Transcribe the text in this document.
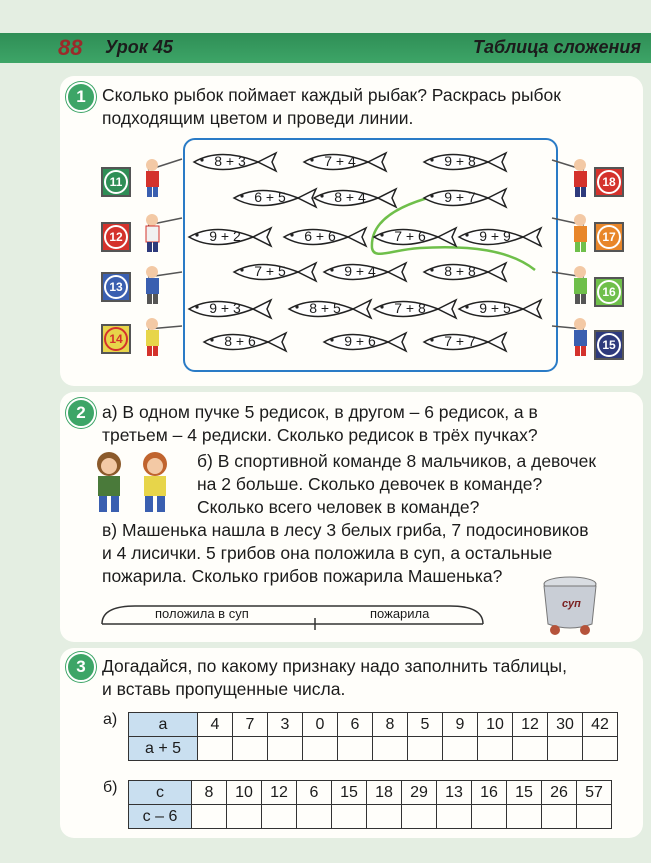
88 Урок 45	Таблица сложения
1 Сколько рыбок поймает каждый рыбак? Раскрась рыбок
подходящим цветом и проведи линии.
8 + 3	7 + 4	9 + 8
6 + 5	8 + 4	9 + 7
9 + 2	6 + 6	7 + 6	9 + 9
7 + 5	9 + 4	8 + 8
9 + 3	8 + 5	7 + 8	9 + 5
8 + 6	9 + 6	7 + 7
11
12
13
14
18
17
16
15
2 а) В одном пучке 5 редисок, в другом – 6 редисок, а в
третьем – 4 редиски. Сколько редисок в трёх пучках?
б) В спортивной команде 8 мальчиков, а девочек
на 2 больше. Сколько девочек в команде?
Сколько всего человек в команде?
в) Машенька нашла в лесу 3 белых гриба, 7 подосиновиков
и 4 лисички. 5 грибов она положила в суп, а остальные
пожарила. Сколько грибов пожарила Машенька?
положила в суп	пожарила
суп
3 Догадайся, по какому признаку надо заполнить таблицы,
и вставь пропущенные числа.
а)
б)
a	4	7	3	0	6	8	5	9	10	12	30	42
a + 5												
c	8	10	12	6	15	18	29	13	16	15	26	57
c – 6												
